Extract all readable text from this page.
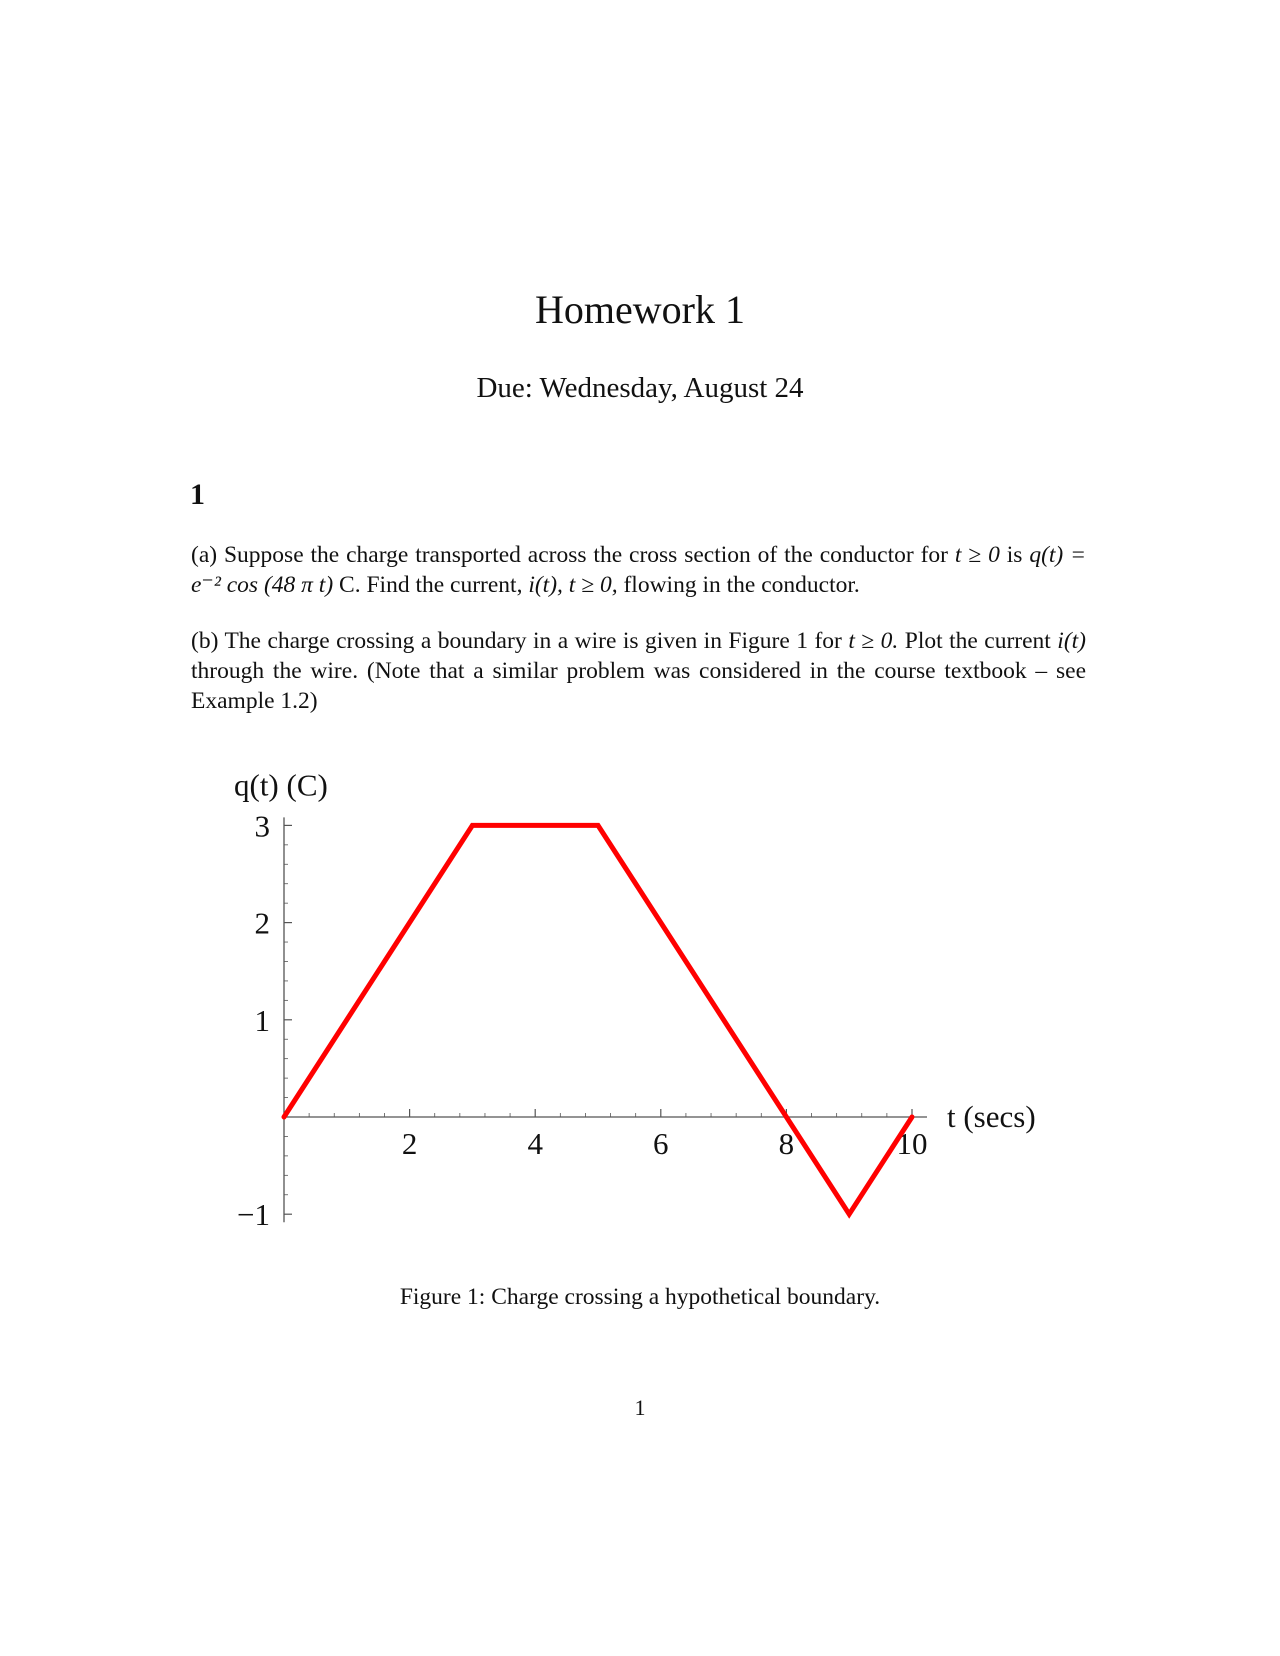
Homework 1
Due: Wednesday, August 24
1
(a) Suppose the charge transported across the cross section of the conductor for t ≥ 0 is q(t) = e⁻² cos (48 π t) C. Find the current, i(t), t ≥ 0, flowing in the conductor.
(b) The charge crossing a boundary in a wire is given in Figure 1 for t ≥ 0. Plot the current i(t) through the wire. (Note that a similar problem was considered in the course textbook – see Example 1.2)
2	4	6	8	10
−1
1
2
3
q(t) (C)
t (secs)
Figure 1: Charge crossing a hypothetical boundary.
1
